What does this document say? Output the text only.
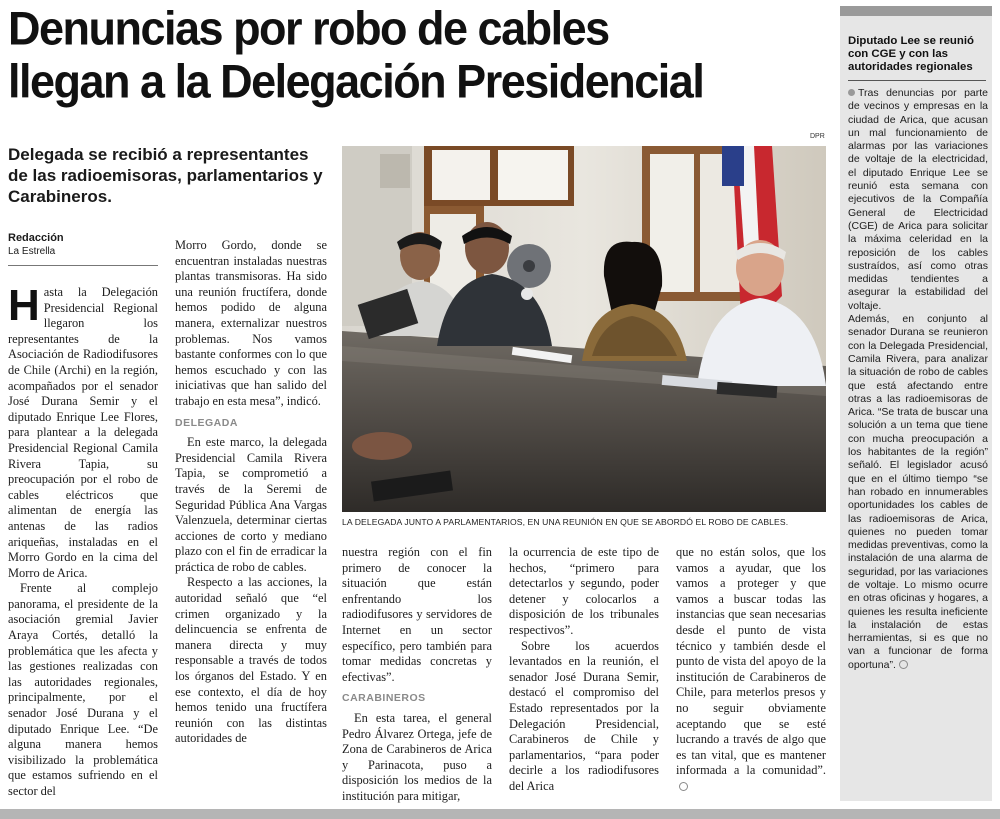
Denuncias por robo de cables
llegan a la Delegación Presidencial
Delegada se recibió a representantes de las radioemisoras, parlamentarios y Carabineros.
Redacción
La Estrella

Hasta la Delegación Presidencial Regional llegaron los representantes de la Asociación de Radiodifusores de Chile (Archi) en la región, acompañados por el senador José Durana Semir y el diputado Enrique Lee Flores, para plantear a la delegada Presidencial Regional Camila Rivera Tapia, su preocupación por el robo de cables eléctricos que alimentan de energía las antenas de las radios ariqueñas, instaladas en el Morro Gordo en la cima del Morro de Arica.

Frente al complejo panorama, el presidente de la asociación gremial Javier Araya Cortés, detalló la problemática que les afecta y las gestiones realizadas con las autoridades regionales, principalmente, por el senador José Durana y el diputado Enrique Lee. “De alguna manera hemos visibilizado la problemática que estamos sufriendo en el sector del

Morro Gordo, donde se encuentran instaladas nuestras plantas transmisoras. Ha sido una reunión fructífera, donde hemos podido de alguna manera, externalizar nuestros problemas. Nos vamos bastante conformes con lo que hemos escuchado y con las iniciativas que han salido del trabajo en esta mesa”, indicó.

DELEGADA

En este marco, la delegada Presidencial Camila Rivera Tapia, se comprometió a través de la Seremi de Seguridad Pública Ana Vargas Valenzuela, determinar ciertas acciones de corto y mediano plazo con el fin de erradicar la práctica de robo de cables.

Respecto a las acciones, la autoridad señaló que “el crimen organizado y la delincuencia se enfrenta de manera directa y muy responsable a través de todos los órganos del Estado. Y en ese contexto, el día de hoy hemos tenido una fructífera reunión con las distintas autoridades de

DPR
LA DELEGADA JUNTO A PARLAMENTARIOS, EN UNA REUNIÓN EN QUE SE ABORDÓ EL ROBO DE CABLES.

nuestra región con el fin primero de conocer la situación que están enfrentando los radiodifusores y servidores de Internet en un sector específico, pero también para tomar medidas concretas y efectivas”.

CARABINEROS

En esta tarea, el general Pedro Álvarez Ortega, jefe de Zona de Carabineros de Arica y Parinacota, puso a disposición los medios de la institución para mitigar,

la ocurrencia de este tipo de hechos, “primero para detectarlos y segundo, poder detener y colocarlos a disposición de los tribunales respectivos”.

Sobre los acuerdos levantados en la reunión, el senador José Durana Semir, destacó el compromiso del Estado representados por la Delegación Presidencial, Carabineros de Chile y parlamentarios, “para poder decirle a los radiodifusores del Arica

que no están solos, que los vamos a ayudar, que los vamos a proteger y que vamos a buscar todas las instancias que sean necesarias desde el punto de vista técnico y también desde el punto de vista del apoyo de la institución de Carabineros de Chile, para meterlos presos y no seguir obviamente aceptando que se esté lucrando a través de algo que es tan vital, que es mantener informada a la comunidad”.

Diputado Lee se reunió con CGE y con las autoridades regionales

Tras denuncias por parte de vecinos y empresas en la ciudad de Arica, que acusan un mal funcionamiento de alarmas por las variaciones de voltaje de la electricidad, el diputado Enrique Lee se reunió esta semana con ejecutivos de la Compañía General de Electricidad (CGE) de Arica para solicitar la máxima celeridad en la reposición de los cables sustraídos, así como otras medidas tendientes a asegurar la estabilidad del voltaje.

Además, en conjunto al senador Durana se reunieron con la Delegada Presidencial, Camila Rivera, para analizar la situación de robo de cables que está afectando entre otras a las radioemisoras de Arica. “Se trata de buscar una solución a un tema que tiene con mucha preocupación a los habitantes de la región” señaló. El legislador acusó que en el último tiempo “se han robado en innumerables oportunidades los cables de las radioemisoras de Arica, quienes no pueden tomar medidas preventivas, como la instalación de una alarma de seguridad, por las variaciones de voltaje. Lo mismo ocurre en otras oficinas y hogares, a quienes les resulta ineficiente la instalación de estas herramientas, si es que no van a funcionar de forma oportuna”.
